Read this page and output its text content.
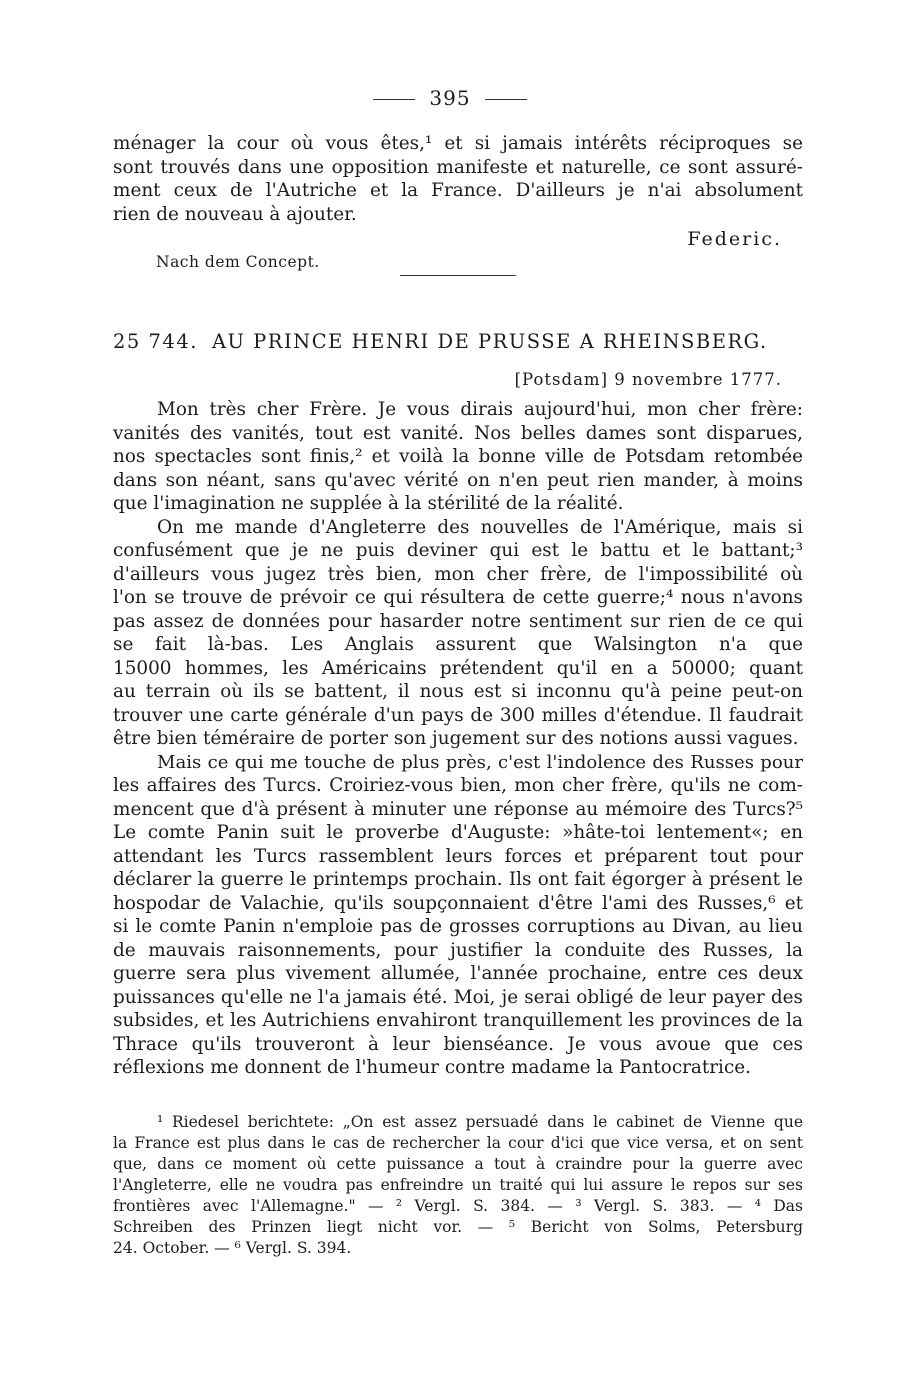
395
ménager la cour où vous êtes,¹ et si jamais intérêts réciproques se
sont trouvés dans une opposition manifeste et naturelle, ce sont assuré-
ment ceux de l'Autriche et la France. D'ailleurs je n'ai absolument
rien de nouveau à ajouter.
Federic.
Nach dem Concept.
25 744. AU PRINCE HENRI DE PRUSSE A RHEINSBERG.
[Potsdam] 9 novembre 1777.
Mon très cher Frère. Je vous dirais aujourd'hui, mon cher frère:
vanités des vanités, tout est vanité. Nos belles dames sont disparues,
nos spectacles sont finis,² et voilà la bonne ville de Potsdam retombée
dans son néant, sans qu'avec vérité on n'en peut rien mander, à moins
que l'imagination ne supplée à la stérilité de la réalité.
On me mande d'Angleterre des nouvelles de l'Amérique, mais si
confusément que je ne puis deviner qui est le battu et le battant;³
d'ailleurs vous jugez très bien, mon cher frère, de l'impossibilité où
l'on se trouve de prévoir ce qui résultera de cette guerre;⁴ nous n'avons
pas assez de données pour hasarder notre sentiment sur rien de ce qui
se fait là-bas. Les Anglais assurent que Walsington n'a que
15000 hommes, les Américains prétendent qu'il en a 50000; quant
au terrain où ils se battent, il nous est si inconnu qu'à peine peut-on
trouver une carte générale d'un pays de 300 milles d'étendue. Il faudrait
être bien téméraire de porter son jugement sur des notions aussi vagues.
Mais ce qui me touche de plus près, c'est l'indolence des Russes pour
les affaires des Turcs. Croiriez-vous bien, mon cher frère, qu'ils ne com-
mencent que d'à présent à minuter une réponse au mémoire des Turcs?⁵
Le comte Panin suit le proverbe d'Auguste: »hâte-toi lentement«; en
attendant les Turcs rassemblent leurs forces et préparent tout pour
déclarer la guerre le printemps prochain. Ils ont fait égorger à présent le
hospodar de Valachie, qu'ils soupçonnaient d'être l'ami des Russes,⁶ et
si le comte Panin n'emploie pas de grosses corruptions au Divan, au lieu
de mauvais raisonnements, pour justifier la conduite des Russes, la
guerre sera plus vivement allumée, l'année prochaine, entre ces deux
puissances qu'elle ne l'a jamais été. Moi, je serai obligé de leur payer des
subsides, et les Autrichiens envahiront tranquillement les provinces de la
Thrace qu'ils trouveront à leur bienséance. Je vous avoue que ces
réflexions me donnent de l'humeur contre madame la Pantocratrice.
¹ Riedesel berichtete: „On est assez persuadé dans le cabinet de Vienne que
la France est plus dans le cas de rechercher la cour d'ici que vice versa, et on sent
que, dans ce moment où cette puissance a tout à craindre pour la guerre avec
l'Angleterre, elle ne voudra pas enfreindre un traité qui lui assure le repos sur ses
frontières avec l'Allemagne." — ² Vergl. S. 384. — ³ Vergl. S. 383. — ⁴ Das
Schreiben des Prinzen liegt nicht vor. — ⁵ Bericht von Solms, Petersburg
24. October. — ⁶ Vergl. S. 394.
